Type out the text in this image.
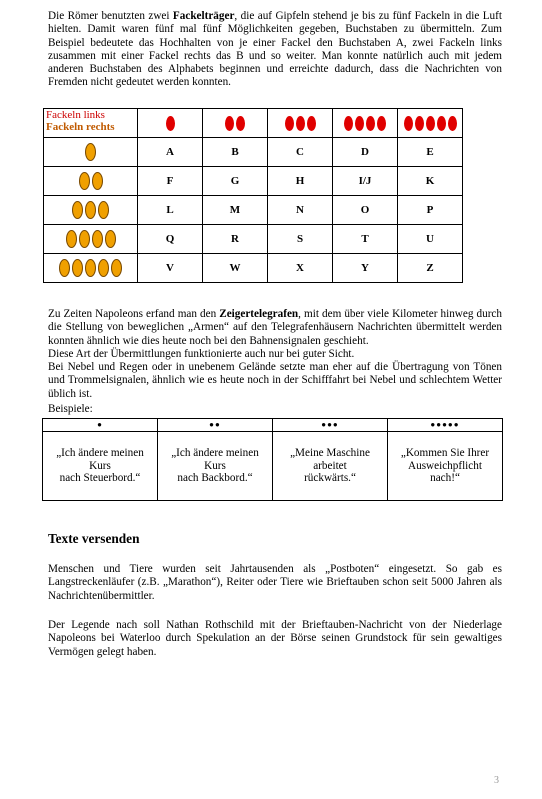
Die Römer benutzten zwei Fackelträger, die auf Gipfeln stehend je bis zu fünf Fackeln in die Luft hielten. Damit waren fünf mal fünf Möglichkeiten gegeben, Buchstaben zu übermitteln. Zum Beispiel bedeutete das Hochhalten von je einer Fackel den Buchstaben A, zwei Fackeln links zusammen mit einer Fackel rechts das B und so weiter. Man konnte natürlich auch mit jedem anderen Buchstaben des Alphabets beginnen und erreichte dadurch, dass die Nachrichten von Fremden nicht gedeutet werden konnten.

Fackeln links
Fackeln rechts					

	A	B	C	D	E
	F	G	H	I/J	K
	L	M	N	O	P
	Q	R	S	T	U
	V	W	X	Y	Z

Zu Zeiten Napoleons erfand man den Zeigertelegrafen, mit dem über viele Kilometer hinweg durch die Stellung von beweglichen „Armen“ auf den Telegrafenhäusern Nachrichten übermittelt werden konnten ähnlich wie dies heute noch bei den Bahnensignalen geschieht.

Diese Art der Übermittlungen funktionierte auch nur bei guter Sicht.

Bei Nebel und Regen oder in unebenem Gelände setzte man eher auf die Übertragung von Tönen und Trommelsignalen, ähnlich wie es heute noch in der Schifffahrt bei Nebel und schlechtem Wetter üblich ist.

Beispiele:

●	●●	●●●	●●●●●
„Ich ändere meinen
Kurs
nach Steuerbord.“	„Ich ändere meinen
Kurs
nach Backbord.“	„Meine Maschine
arbeitet
rückwärts.“	„Kommen Sie Ihrer
Ausweichpflicht
nach!“
Texte versenden

Menschen und Tiere wurden seit Jahrtausenden als „Postboten“ eingesetzt. So gab es Langstreckenläufer (z.B. „Marathon“), Reiter oder Tiere wie Brieftauben schon seit 5000 Jahren als Nachrichtenübermittler.

Der Legende nach soll Nathan Rothschild mit der Brieftauben-Nachricht von der Niederlage Napoleons bei Waterloo durch Spekulation an der Börse seinen Grundstock für sein gewaltiges Vermögen gelegt haben.

3
